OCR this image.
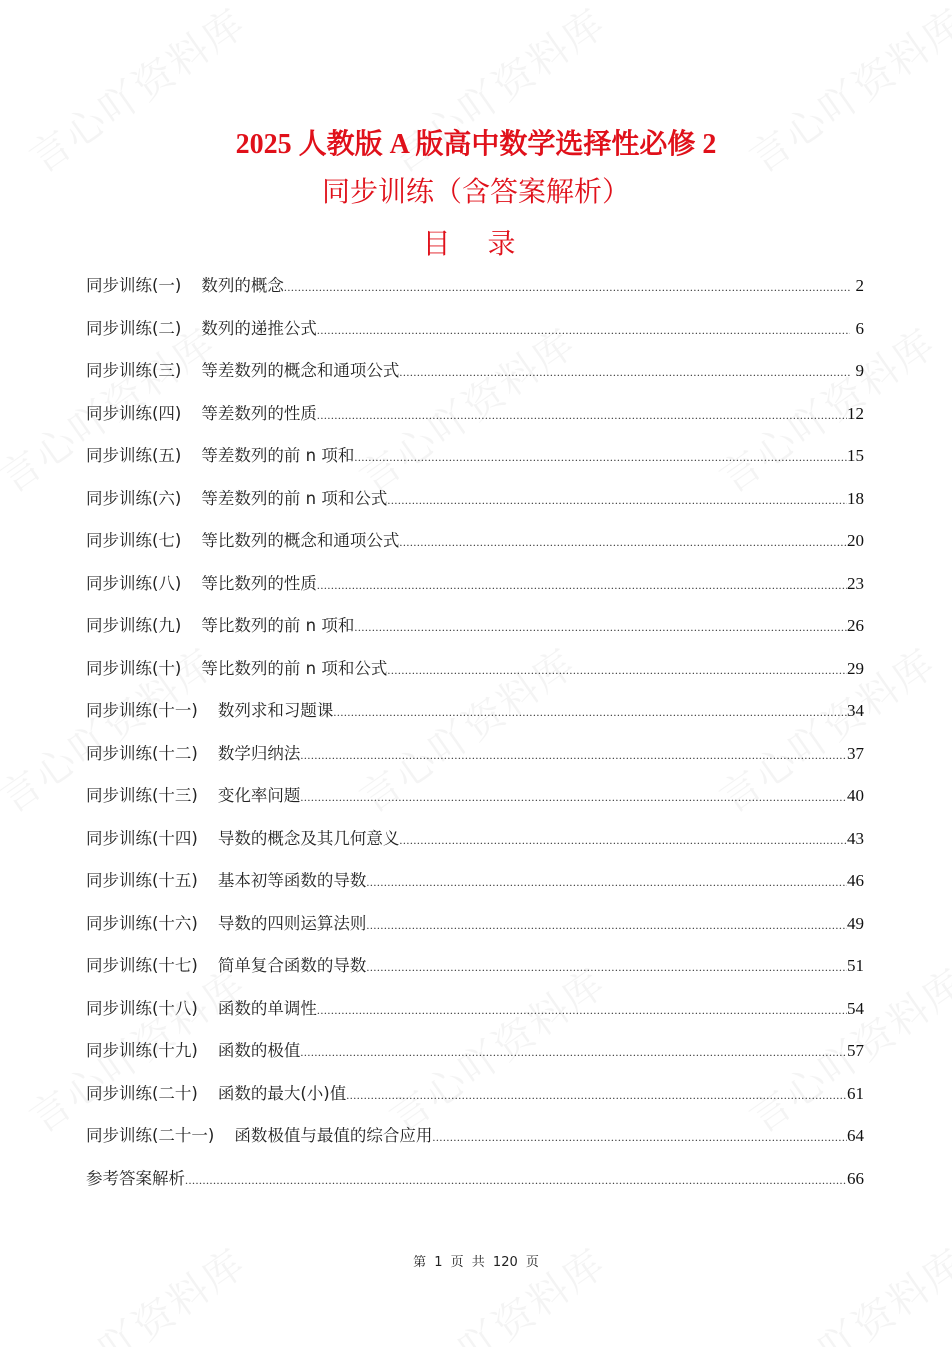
2025 人教版 A 版高中数学选择性必修 2
同步训练（含答案解析）
目 录
同步训练(一) 数列的概念 .....	2
同步训练(二) 数列的递推公式 .....	6
同步训练(三) 等差数列的概念和通项公式 .....	9
同步训练(四) 等差数列的性质 .....	12
同步训练(五) 等差数列的前 n 项和 .....	15
同步训练(六) 等差数列的前 n 项和公式 .....	18
同步训练(七) 等比数列的概念和通项公式 .....	20
同步训练(八) 等比数列的性质 .....	23
同步训练(九) 等比数列的前 n 项和 .....	26
同步训练(十) 等比数列的前 n 项和公式 .....	29
同步训练(十一) 数列求和习题课 .....	34
同步训练(十二) 数学归纳法 .....	37
同步训练(十三) 变化率问题 .....	40
同步训练(十四) 导数的概念及其几何意义 .....	43
同步训练(十五) 基本初等函数的导数 .....	46
同步训练(十六) 导数的四则运算法则 .....	49
同步训练(十七) 简单复合函数的导数 .....	51
同步训练(十八) 函数的单调性 .....	54
同步训练(十九) 函数的极值 .....	57
同步训练(二十) 函数的最大(小)值 .....	61
同步训练(二十一) 函数极值与最值的综合应用 .....	64
参考答案解析 .....	66
第 1 页 共 120 页
